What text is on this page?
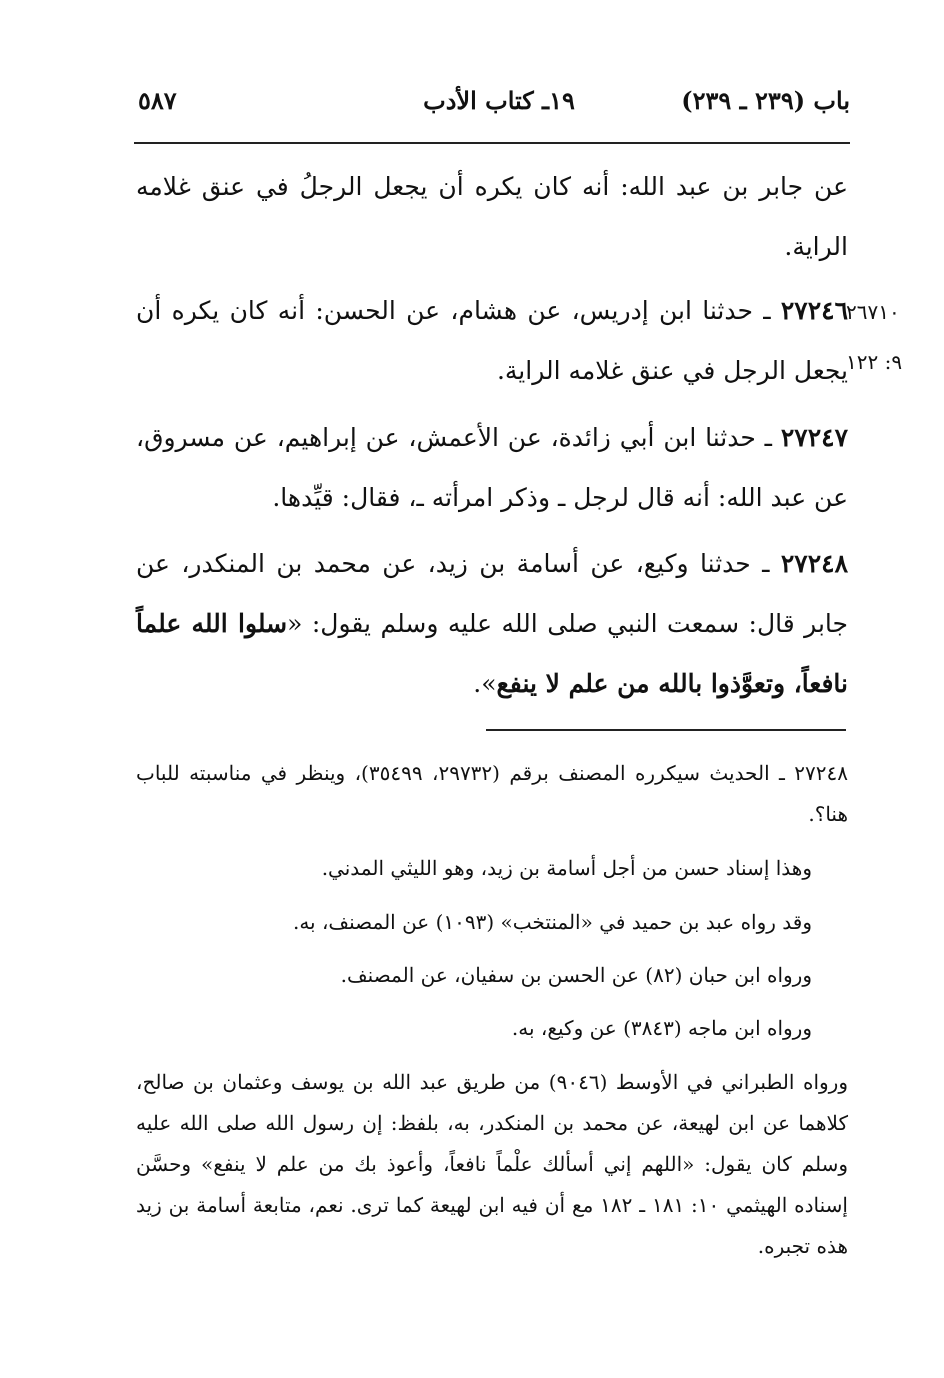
باب (٢٣٩ ـ ٢٣٩)
١٩ـ كتاب الأدب
٥٨٧
عن جابر بن عبد الله: أنه كان يكره أن يجعل الرجلُ في عنق غلامه الراية.
٢٧٢٤٦ ـ حدثنا ابن إدريس، عن هشام، عن الحسن: أنه كان يكره أن يجعل الرجل في عنق غلامه الراية.
٢٦٧١٠
٩: ١٢٢
٢٧٢٤٧ ـ حدثنا ابن أبي زائدة، عن الأعمش، عن إبراهيم، عن مسروق، عن عبد الله: أنه قال لرجل ـ وذكر امرأته ـ، فقال: قيِّدها.
٢٧٢٤٨ ـ حدثنا وكيع، عن أسامة بن زيد، عن محمد بن المنكدر، عن جابر قال: سمعت النبي صلى الله عليه وسلم يقول: «سلوا الله علماً نافعاً، وتعوَّذوا بالله من علم لا ينفع».
٢٧٢٤٨ ـ الحديث سيكرره المصنف برقم (٢٩٧٣٢، ٣٥٤٩٩)، وينظر في مناسبته للباب هنا؟.
وهذا إسناد حسن من أجل أسامة بن زيد، وهو الليثي المدني.
وقد رواه عبد بن حميد في «المنتخب» (١٠٩٣) عن المصنف، به.
ورواه ابن حبان (٨٢) عن الحسن بن سفيان، عن المصنف.
ورواه ابن ماجه (٣٨٤٣) عن وكيع، به.
ورواه الطبراني في الأوسط (٩٠٤٦) من طريق عبد الله بن يوسف وعثمان بن صالح، كلاهما عن ابن لهيعة، عن محمد بن المنكدر، به، بلفظ: إن رسول الله صلى الله عليه وسلم كان يقول: «اللهم إني أسألك علْماً نافعاً، وأعوذ بك من علم لا ينفع» وحسَّن إسناده الهيثمي ١٠: ١٨١ ـ ١٨٢ مع أن فيه ابن لهيعة كما ترى. نعم، متابعة أسامة بن زيد هذه تجبره.
